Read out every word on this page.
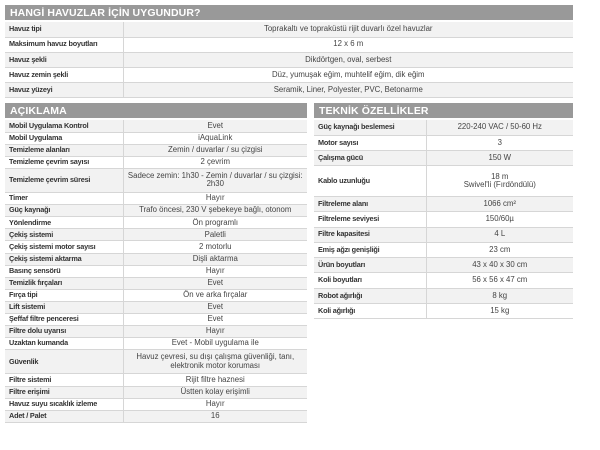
HANGİ HAVUZLAR İÇİN UYGUNDUR?
Havuz tipi	Toprakaltı ve topraküstü rijit duvarlı özel havuzlar
Maksimum havuz boyutları	12 x 6 m
Havuz şekli	Dikdörtgen, oval, serbest
Havuz zemin şekli	Düz, yumuşak eğim, muhtelif eğim, dik eğim
Havuz yüzeyi	Seramik, Liner, Polyester, PVC, Betonarme
AÇIKLAMA
Mobil Uygulama Kontrol	Evet
Mobil Uygulama	iAquaLink
Temizleme alanları	Zemin / duvarlar / su çizgisi
Temizleme çevrim sayısı	2 çevrim
Temizleme çevrim süresi	Sadece zemin: 1h30 - Zemin / duvarlar / su çizgisi: 2h30
Timer	Hayır
Güç kaynağı	Trafo öncesi, 230 V şebekeye bağlı, otonom
Yönlendirme	Ön programlı
Çekiş sistemi	Paletli
Çekiş sistemi motor sayısı	2 motorlu
Çekiş sistemi aktarma	Dişli aktarma
Basınç sensörü	Hayır
Temizlik fırçaları	Evet
Fırça tipi	Ön ve arka fırçalar
Lift sistemi	Evet
Şeffaf filtre penceresi	Evet
Filtre dolu uyarısı	Hayır
Uzaktan kumanda	Evet - Mobil uygulama ile
Güvenlik	Havuz çevresi, su dışı çalışma güvenliği, tanı, elektronik motor koruması
Filtre sistemi	Rijit filtre haznesi
Filtre erişimi	Üstten kolay erişimli
Havuz suyu sıcaklık izleme	Hayır
Adet / Palet	16
TEKNİK ÖZELLİKLER
Güç kaynağı beslemesi	220-240 VAC / 50-60 Hz
Motor sayısı	3
Çalışma gücü	150 W
Kablo uzunluğu	18 m
Swivel'li (Fırdöndülü)
Filtreleme alanı	1066 cm²
Filtreleme seviyesi	150/60µ
Filtre kapasitesi	4 L
Emiş ağzı genişliği	23 cm
Ürün boyutları	43 x 40 x 30 cm
Koli boyutları	56 x 56 x 47 cm
Robot ağırlığı	8 kg
Koli ağırlığı	15 kg
